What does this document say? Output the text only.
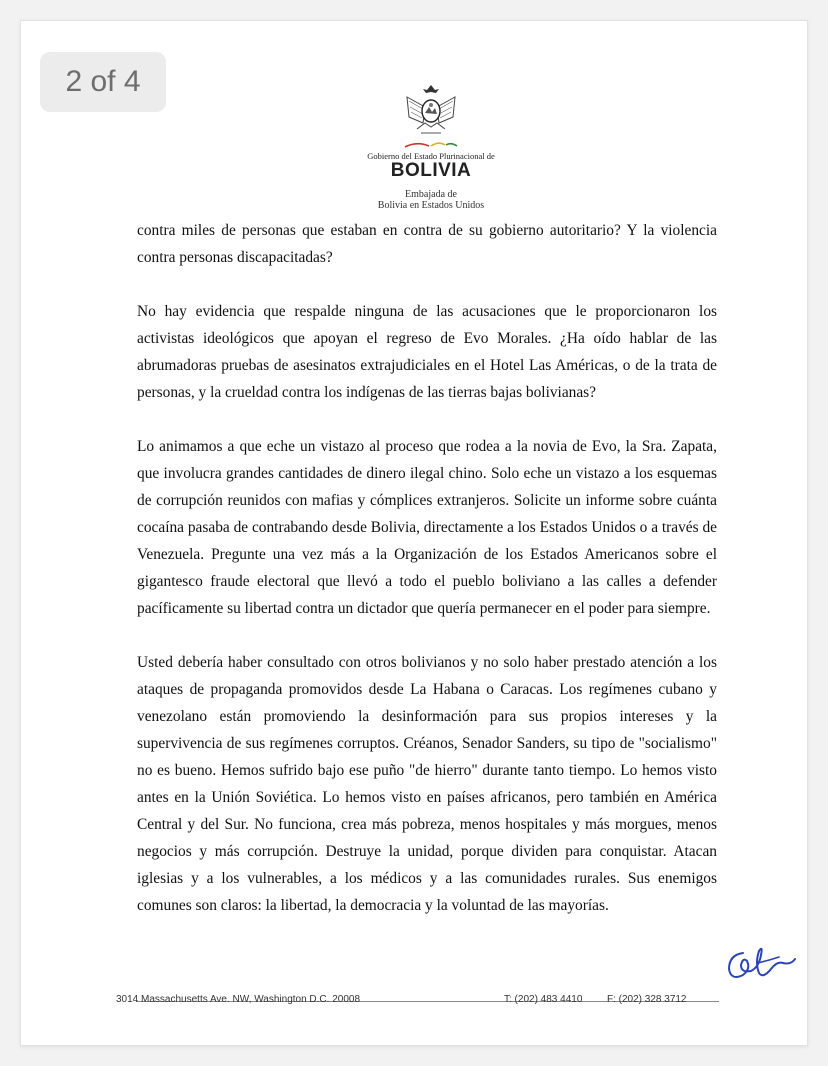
Gobierno del Estado Plurinacional de
BOLIVIA
Embajada de
Bolivia en Estados Unidos

contra miles de personas que estaban en contra de su gobierno autoritario? Y la violencia contra personas discapacitadas?

No hay evidencia que respalde ninguna de las acusaciones que le proporcionaron los activistas ideológicos que apoyan el regreso de Evo Morales. ¿Ha oído hablar de las abrumadoras pruebas de asesinatos extrajudiciales en el Hotel Las Américas, o de la trata de personas, y la crueldad contra los indígenas de las tierras bajas bolivianas?

Lo animamos a que eche un vistazo al proceso que rodea a la novia de Evo, la Sra. Zapata, que involucra grandes cantidades de dinero ilegal chino. Solo eche un vistazo a los esquemas de corrupción reunidos con mafias y cómplices extranjeros. Solicite un informe sobre cuánta cocaína pasaba de contrabando desde Bolivia, directamente a los Estados Unidos o a través de Venezuela. Pregunte una vez más a la Organización de los Estados Americanos sobre el gigantesco fraude electoral que llevó a todo el pueblo boliviano a las calles a defender pacíficamente su libertad contra un dictador que quería permanecer en el poder para siempre.

Usted debería haber consultado con otros bolivianos y no solo haber prestado atención a los ataques de propaganda promovidos desde La Habana o Caracas. Los regímenes cubano y venezolano están promoviendo la desinformación para sus propios intereses y la supervivencia de sus regímenes corruptos. Créanos, Senador Sanders, su tipo de "socialismo" no es bueno. Hemos sufrido bajo ese puño "de hierro" durante tanto tiempo. Lo hemos visto antes en la Unión Soviética. Lo hemos visto en países africanos, pero también en América Central y del Sur. No funciona, crea más pobreza, menos hospitales y más morgues, menos negocios y más corrupción. Destruye la unidad, porque dividen para conquistar. Atacan iglesias y a los vulnerables, a los médicos y a las comunidades rurales. Sus enemigos comunes son claros: la libertad, la democracia y la voluntad de las mayorías.

2 of 4
3014 Massachusetts Ave. NW, Washington D.C. 20008	T: (202) 483 4410 F: (202) 328 3712
